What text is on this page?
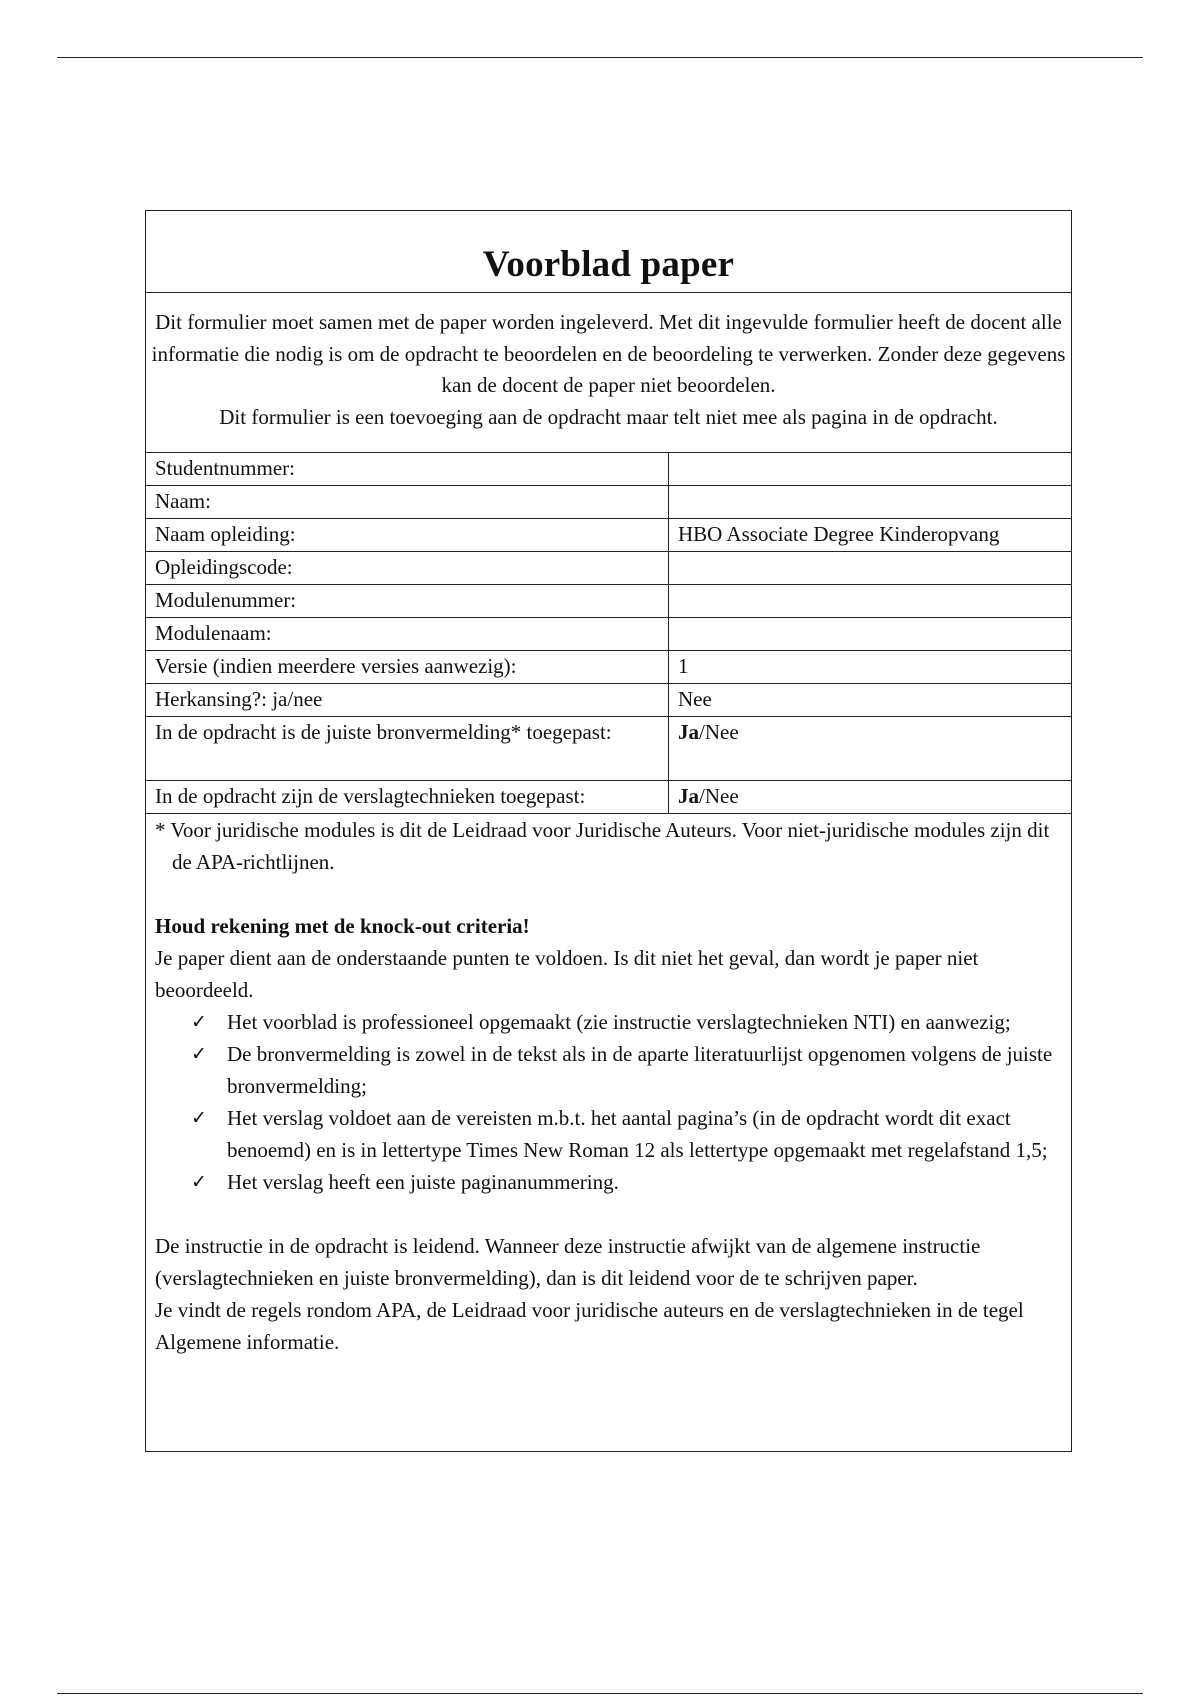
Voorblad paper

Dit formulier moet samen met de paper worden ingeleverd. Met dit ingevulde formulier heeft de docent alle informatie die nodig is om de opdracht te beoordelen en de beoordeling te verwerken. Zonder deze gegevens kan de docent de paper niet beoordelen.

Dit formulier is een toevoeging aan de opdracht maar telt niet mee als pagina in de opdracht.

Studentnummer:
Naam:
Naam opleiding:	HBO Associate Degree Kinderopvang
Opleidingscode:
Modulenummer:
Modulenaam:
Versie (indien meerdere versies aanwezig):	1
Herkansing?: ja/nee	Nee
In de opdracht is de juiste bronvermelding* toegepast:	Ja/Nee
In de opdracht zijn de verslagtechnieken toegepast:	Ja/Nee

* Voor juridische modules is dit de Leidraad voor Juridische Auteurs. Voor niet-juridische modules zijn dit de APA-richtlijnen.

Houd rekening met de knock-out criteria!

Je paper dient aan de onderstaande punten te voldoen. Is dit niet het geval, dan wordt je paper niet beoordeeld.

✓ Het voorblad is professioneel opgemaakt (zie instructie verslagtechnieken NTI) en aanwezig;
✓ De bronvermelding is zowel in de tekst als in de aparte literatuurlijst opgenomen volgens de juiste bronvermelding;
✓ Het verslag voldoet aan de vereisten m.b.t. het aantal pagina’s (in de opdracht wordt dit exact benoemd) en is in lettertype Times New Roman 12 als lettertype opgemaakt met regelafstand 1,5;
✓ Het verslag heeft een juiste paginanummering.

De instructie in de opdracht is leidend. Wanneer deze instructie afwijkt van de algemene instructie (verslagtechnieken en juiste bronvermelding), dan is dit leidend voor de te schrijven paper.

Je vindt de regels rondom APA, de Leidraad voor juridische auteurs en de verslagtechnieken in de tegel Algemene informatie.
